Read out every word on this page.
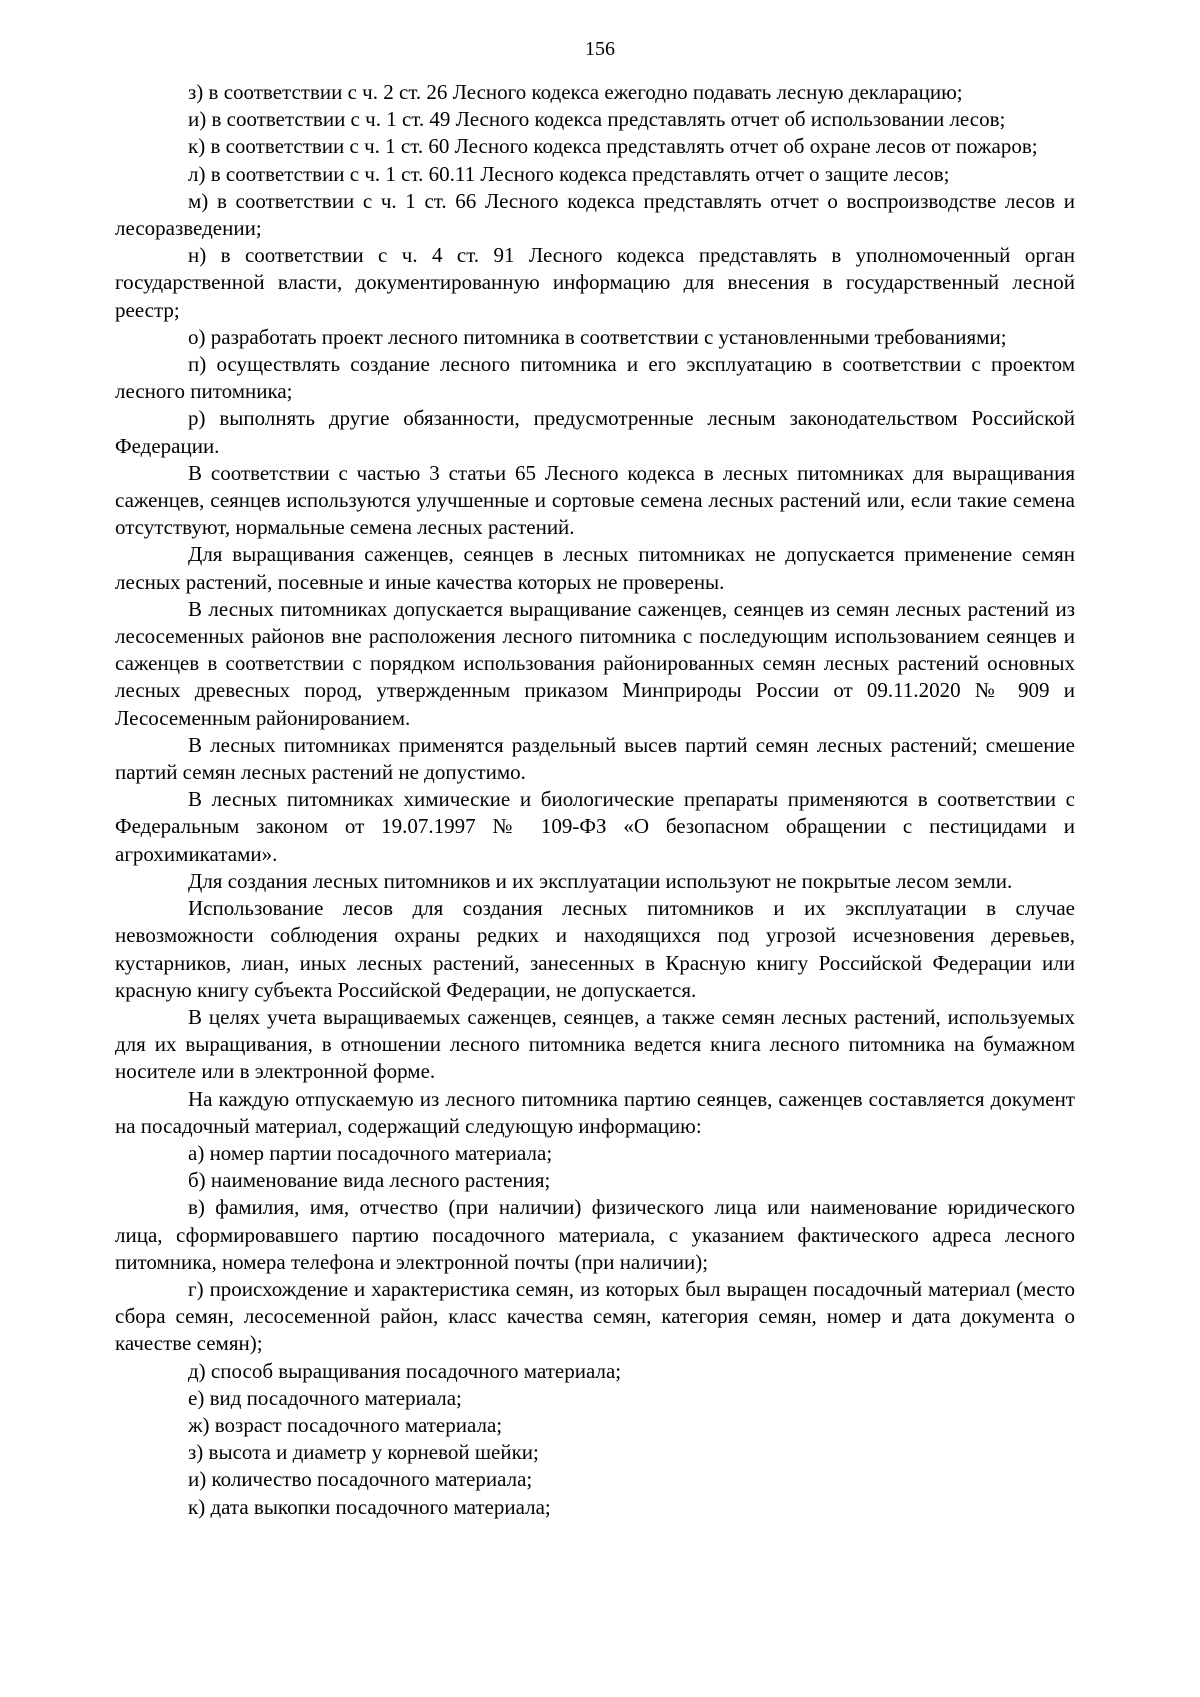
156

з) в соответствии с ч. 2 ст. 26 Лесного кодекса ежегодно подавать лесную декларацию;

и) в соответствии с ч. 1 ст. 49 Лесного кодекса представлять отчет об использовании лесов;

к) в соответствии с ч. 1 ст. 60 Лесного кодекса представлять отчет об охране лесов от пожаров;

л) в соответствии с ч. 1 ст. 60.11 Лесного кодекса представлять отчет о защите лесов;

м) в соответствии с ч. 1 ст. 66 Лесного кодекса представлять отчет о воспроизводстве лесов и лесоразведении;

н) в соответствии с ч. 4 ст. 91 Лесного кодекса представлять в уполномоченный орган государственной власти, документированную информацию для внесения в государственный лесной реестр;

о) разработать проект лесного питомника в соответствии с установленными требованиями;

п) осуществлять создание лесного питомника и его эксплуатацию в соответствии с проектом лесного питомника;

р) выполнять другие обязанности, предусмотренные лесным законодательством Российской Федерации.

В соответствии с частью 3 статьи 65 Лесного кодекса в лесных питомниках для выращивания саженцев, сеянцев используются улучшенные и сортовые семена лесных растений или, если такие семена отсутствуют, нормальные семена лесных растений.

Для выращивания саженцев, сеянцев в лесных питомниках не допускается применение семян лесных растений, посевные и иные качества которых не проверены.

В лесных питомниках допускается выращивание саженцев, сеянцев из семян лесных растений из лесосеменных районов вне расположения лесного питомника с последующим использованием сеянцев и саженцев в соответствии с порядком использования районированных семян лесных растений основных лесных древесных пород, утвержденным приказом Минприроды России от 09.11.2020 № 909 и Лесосеменным районированием.

В лесных питомниках применятся раздельный высев партий семян лесных растений; смешение партий семян лесных растений не допустимо.

В лесных питомниках химические и биологические препараты применяются в соответствии с Федеральным законом от 19.07.1997 № 109-ФЗ «О безопасном обращении с пестицидами и агрохимикатами».

Для создания лесных питомников и их эксплуатации используют не покрытые лесом земли.

Использование лесов для создания лесных питомников и их эксплуатации в случае невозможности соблюдения охраны редких и находящихся под угрозой исчезновения деревьев, кустарников, лиан, иных лесных растений, занесенных в Красную книгу Российской Федерации или красную книгу субъекта Российской Федерации, не допускается.

В целях учета выращиваемых саженцев, сеянцев, а также семян лесных растений, используемых для их выращивания, в отношении лесного питомника ведется книга лесного питомника на бумажном носителе или в электронной форме.

На каждую отпускаемую из лесного питомника партию сеянцев, саженцев составляется документ на посадочный материал, содержащий следующую информацию:

а) номер партии посадочного материала;

б) наименование вида лесного растения;

в) фамилия, имя, отчество (при наличии) физического лица или наименование юридического лица, сформировавшего партию посадочного материала, с указанием фактического адреса лесного питомника, номера телефона и электронной почты (при наличии);

г) происхождение и характеристика семян, из которых был выращен посадочный материал (место сбора семян, лесосеменной район, класс качества семян, категория семян, номер и дата документа о качестве семян);

д) способ выращивания посадочного материала;

е) вид посадочного материала;

ж) возраст посадочного материала;

з) высота и диаметр у корневой шейки;

и) количество посадочного материала;

к) дата выкопки посадочного материала;
